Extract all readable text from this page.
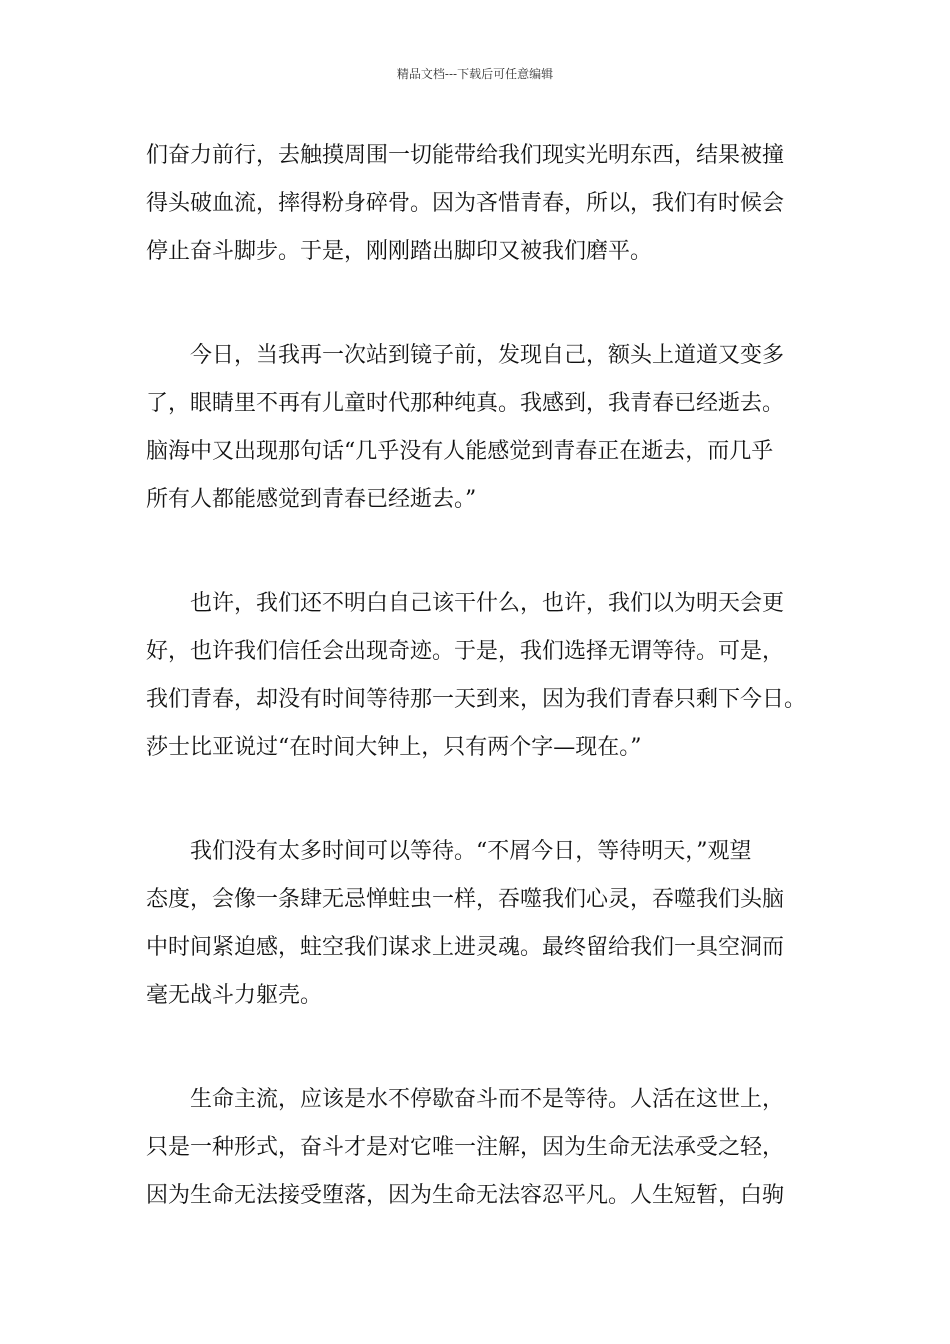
精品文档---下载后可任意编辑
们奋力前行，去触摸周围一切能带给我们现实光明东西，结果被撞
得头破血流，摔得粉身碎骨。因为吝惜青春，所以，我们有时候会
停止奋斗脚步。于是，刚刚踏出脚印又被我们磨平。
　　今日，当我再一次站到镜子前，发现自己，额头上道道又变多
了，眼睛里不再有儿童时代那种纯真。我感到，我青春已经逝去。
脑海中又出现那句话“几乎没有人能感觉到青春正在逝去，而几乎
所有人都能感觉到青春已经逝去。”
　　也许，我们还不明白自己该干什么，也许，我们以为明天会更
好，也许我们信任会出现奇迹。于是，我们选择无谓等待。可是，
我们青春，却没有时间等待那一天到来，因为我们青春只剩下今日。
莎士比亚说过“在时间大钟上，只有两个字—现在。”
　　我们没有太多时间可以等待。“不屑今日，等待明天，”观望
态度，会像一条肆无忌惮蛀虫一样，吞噬我们心灵，吞噬我们头脑
中时间紧迫感，蛀空我们谋求上进灵魂。最终留给我们一具空洞而
毫无战斗力躯壳。
　　生命主流，应该是水不停歇奋斗而不是等待。人活在这世上，
只是一种形式，奋斗才是对它唯一注解，因为生命无法承受之轻，
因为生命无法接受堕落，因为生命无法容忍平凡。人生短暂，白驹
